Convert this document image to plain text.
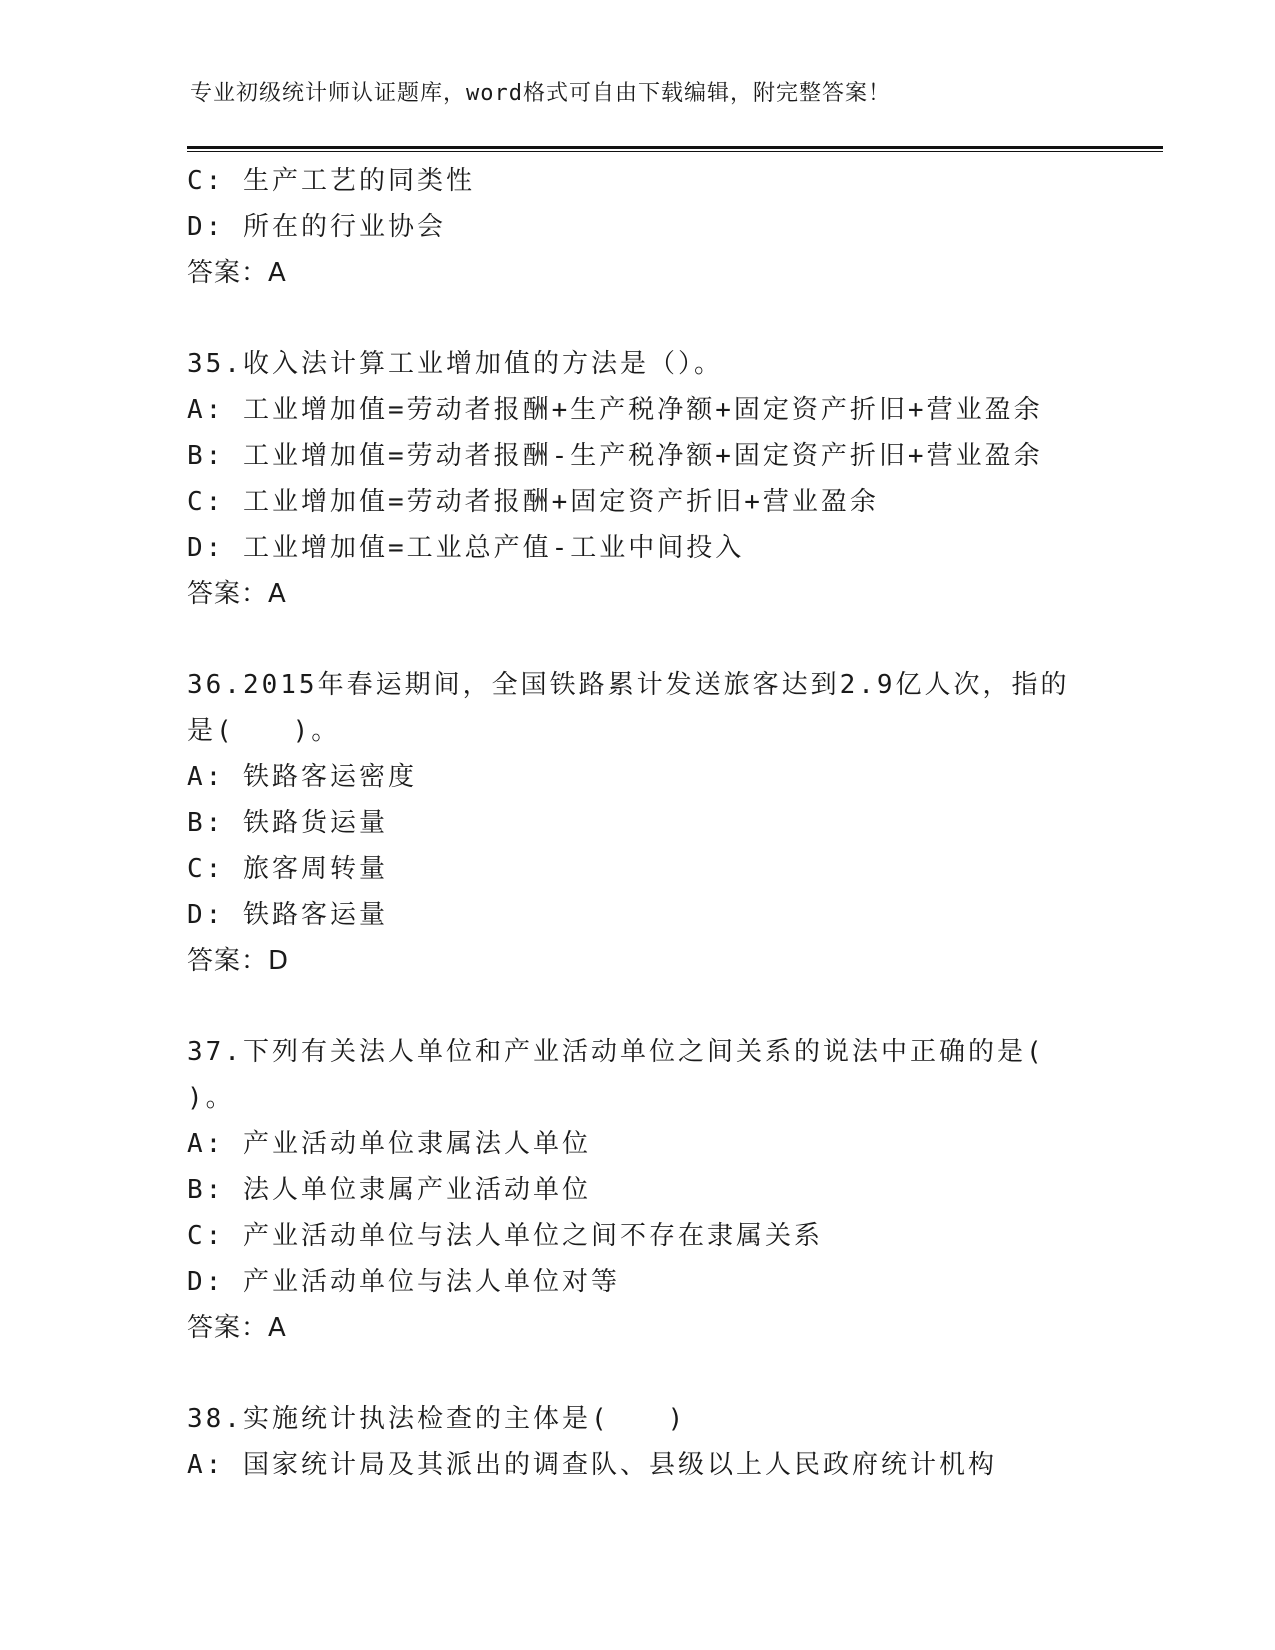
专业初级统计师认证题库，word格式可自由下载编辑，附完整答案！
C: 生产工艺的同类性
D: 所在的行业协会
答案：A
35.收入法计算工业增加值的方法是（）。
A: 工业增加值=劳动者报酬+生产税净额+固定资产折旧+营业盈余
B: 工业增加值=劳动者报酬-生产税净额+固定资产折旧+营业盈余
C: 工业增加值=劳动者报酬+固定资产折旧+营业盈余
D: 工业增加值=工业总产值-工业中间投入
答案：A
36.2015年春运期间，全国铁路累计发送旅客达到2.9亿人次，指的
是(　　)。
A: 铁路客运密度
B: 铁路货运量
C: 旅客周转量
D: 铁路客运量
答案：D
37.下列有关法人单位和产业活动单位之间关系的说法中正确的是(
)。
A: 产业活动单位隶属法人单位
B: 法人单位隶属产业活动单位
C: 产业活动单位与法人单位之间不存在隶属关系
D: 产业活动单位与法人单位对等
答案：A
38.实施统计执法检查的主体是(　　)
A: 国家统计局及其派出的调查队、县级以上人民政府统计机构
